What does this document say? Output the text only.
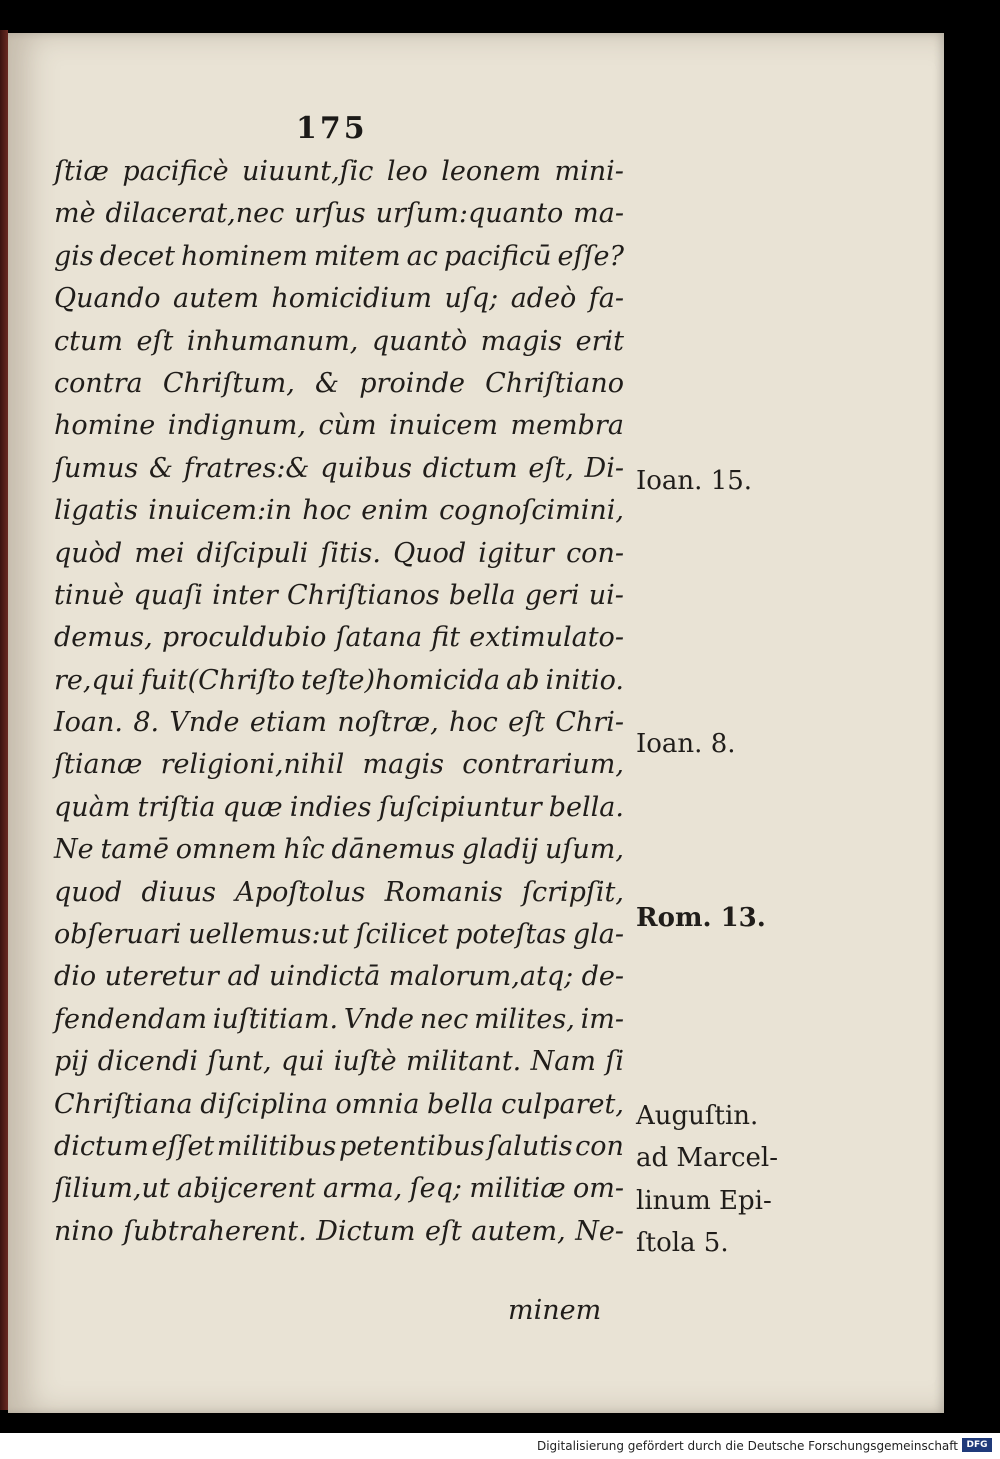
175
ſtiæ pacificè uiuunt,ſic leo leonem mini-
mè dilacerat,nec urſus urſum:quanto ma-
gis decet hominem mitem ac pacificū eſſe?
Quando autem homicidium uſq; adeò fa-
ctum eſt inhumanum, quantò magis erit
contra Chriſtum, & proinde Chriſtiano
homine indignum, cùm inuicem membra
ſumus & fratres:& quibus dictum eſt, Di-
ligatis inuicem:in hoc enim cognoſcimini,
quòd mei diſcipuli ſitis. Quod igitur con-
tinuè quaſi inter Chriſtianos bella geri ui-
demus, proculdubio ſatana fit extimulato-
re,qui fuit(Chriſto teſte)homicida ab initio.
Ioan. 8. Vnde etiam noſtræ, hoc eſt Chri-
ſtianæ religioni,nihil magis contrarium,
quàm triſtia quæ indies ſuſcipiuntur bella.
Ne tamē omnem hîc dānemus gladij uſum,
quod diuus Apoſtolus Romanis ſcripſit,
obſeruari uellemus:ut ſcilicet poteſtas gla-
dio uteretur ad uindictā malorum,atq; de-
fendendam iuſtitiam. Vnde nec milites, im-
pij dicendi ſunt, qui iuſtè militant. Nam ſi
Chriſtiana diſciplina omnia bella culparet,
dictum eſſet militibus petentibus ſalutis con
ſilium,ut abijcerent arma, ſeq; militiæ om-
nino ſubtraherent. Dictum eſt autem, Ne-
minem
Ioan. 15.
Ioan. 8.
Rom. 13.
Auguſtin. ad Marcel- linum Epi- ſtola 5.
Digitalisierung gefördert durch die Deutsche Forschungsgemeinschaft DFG
